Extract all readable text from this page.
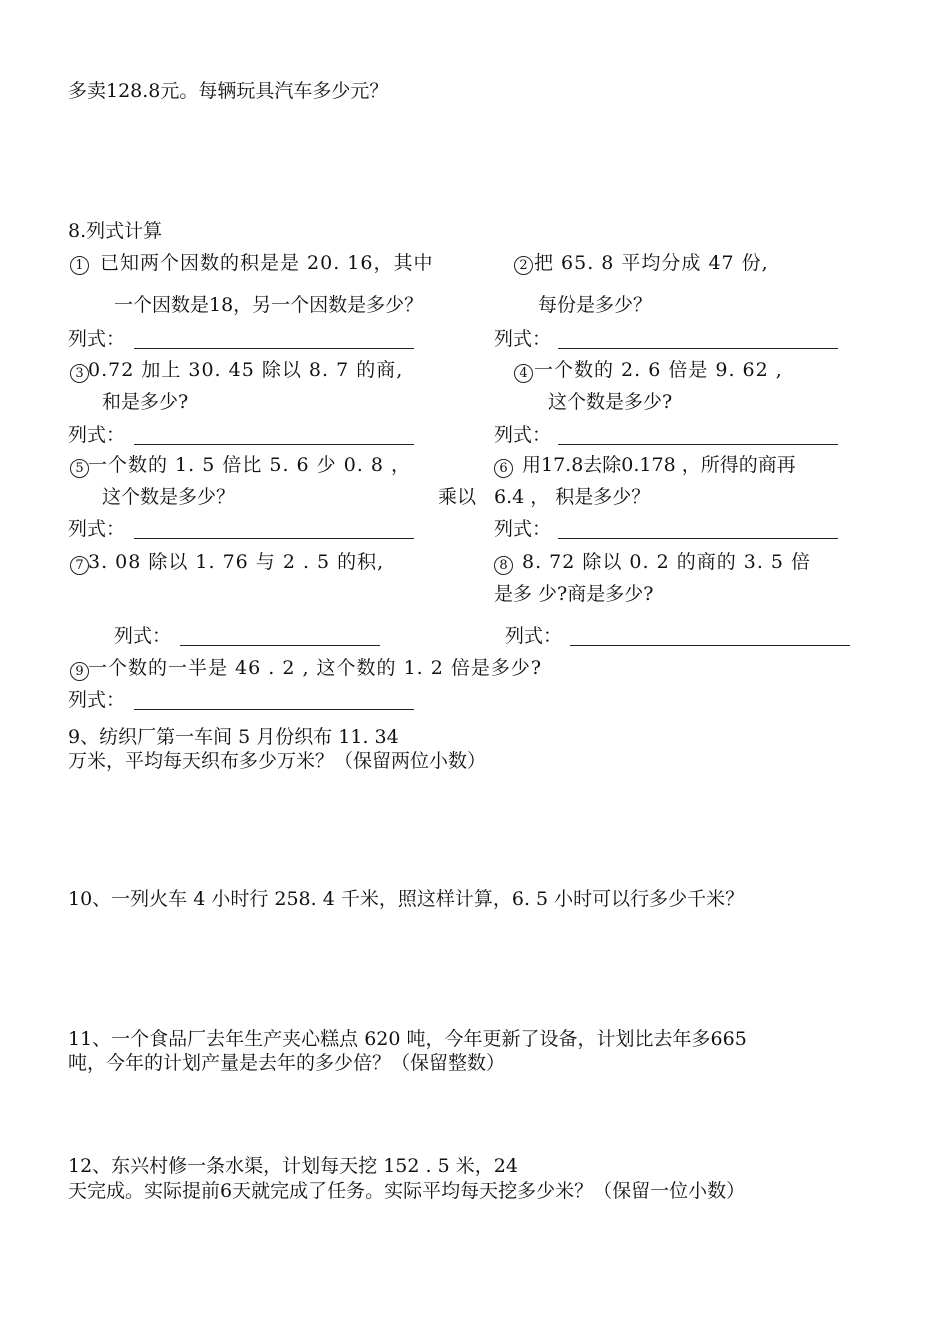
多卖128.8元。每辆玩具汽车多少元？
8.列式计算
1 已知两个因数的积是是 20. 16，其中
一个因数是18，另一个因数是多少？
2 把 65. 8 平均分成 47 份,
每份是多少？
列式：	列式：
3 0.72 加上 30. 45 除以 8. 7 的商,
和是多少?
4 一个数的 2. 6 倍是 9. 62 ,
这个数是多少?
列式：	列式：
5 一个数的 1. 5 倍比 5. 6 少 0. 8 ，
这个数是多少？
6 用17.8去除0.178 ，所得的商再
乘以 6.4 ， 积是多少？
列式：	列式：
7 3. 08 除以 1. 76 与 2 . 5 的积,	8 8. 72 除以 0. 2 的商的 3. 5 倍
是多 少?商是多少?
列式：	列式：
9 一个数的一半是 46 . 2 , 这个数的 1. 2 倍是多少?
列式：
9、纺织厂第一车间 5 月份织布 11. 34
万米，平均每天织布多少万米？（保留两位小数）
10、一列火车 4 小时行 258. 4 千米，照这样计算，6. 5 小时可以行多少千米？
11、一个食品厂去年生产夹心糕点 620 吨，今年更新了设备，计划比去年多665
吨，今年的计划产量是去年的多少倍？（保留整数）
12、东兴村修一条水渠，计划每天挖 152 . 5 米，24
天完成。实际提前6天就完成了任务。实际平均每天挖多少米？（保留一位小数）
